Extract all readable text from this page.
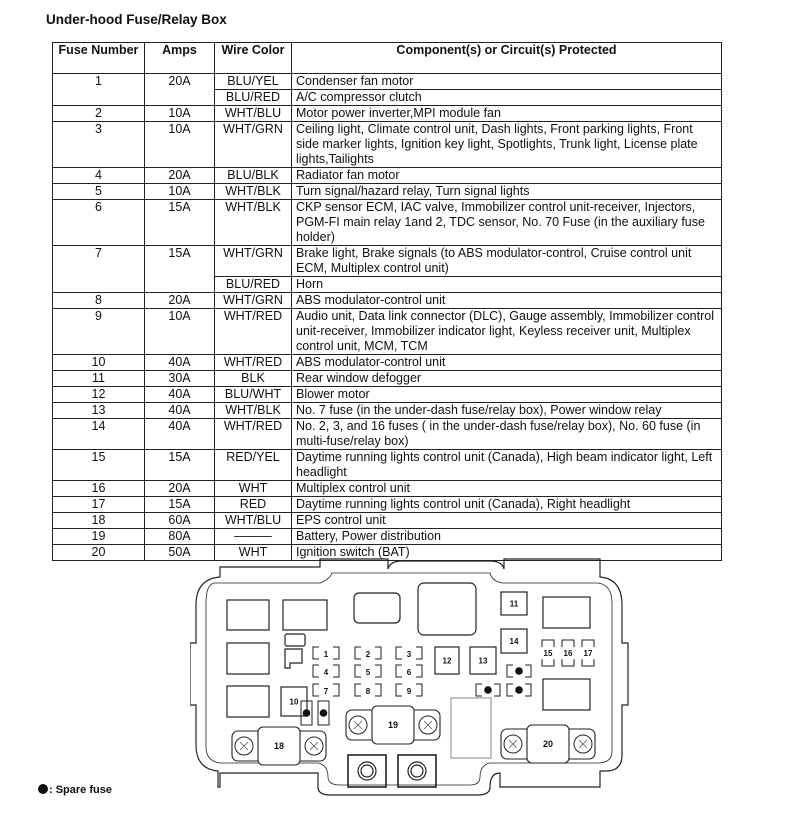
Under-hood Fuse/Relay Box
Fuse Number	Amps	Wire Color	Component(s) or Circuit(s) Protected
1	20A	BLU/YEL	Condenser fan motor
		BLU/RED	A/C compressor clutch
2	10A	WHT/BLU	Motor power inverter,MPI module fan
3	10A	WHT/GRN	Ceiling light, Climate control unit, Dash lights, Front parking lights, Front side marker lights, Ignition key light, Spotlights, Trunk light, License plate lights,Tailights
4	20A	BLU/BLK	Radiator fan motor
5	10A	WHT/BLK	Turn signal/hazard relay, Turn signal lights
6	15A	WHT/BLK	CKP sensor ECM, IAC valve, Immobilizer control unit-receiver, Injectors, PGM-FI main relay 1and 2, TDC sensor, No. 70 Fuse (in the auxiliary fuse holder)
7	15A	WHT/GRN	Brake light, Brake signals (to ABS modulator-control, Cruise control unit ECM, Multiplex control unit)
		BLU/RED	Horn
8	20A	WHT/GRN	ABS modulator-control unit
9	10A	WHT/RED	Audio unit, Data link connector (DLC), Gauge assembly, Immobilizer control unit-receiver, Immobilizer indicator light, Keyless receiver unit, Multiplex control unit, MCM, TCM
10	40A	WHT/RED	ABS modulator-control unit
11	30A	BLK	Rear window defogger
12	40A	BLU/WHT	Blower motor
13	40A	WHT/BLK	No. 7 fuse (in the under-dash fuse/relay box), Power window relay
14	40A	WHT/RED	No. 2, 3, and 16 fuses ( in the under-dash fuse/relay box), No. 60 fuse (in multi-fuse/relay box)
15	15A	RED/YEL	Daytime running lights control unit (Canada), High beam indicator light, Left headlight
16	20A	WHT	Multiplex control unit
17	15A	RED	Daytime running lights control unit (Canada), Right headlight
18	60A	WHT/BLU	EPS control unit
19	80A	———	Battery, Power distribution
20	50A	WHT	Ignition switch (BAT)
1	2	3
4	5	6
7	8	9
10
11
12	13
14
15 16 17
18
19
20
: Spare fuse
